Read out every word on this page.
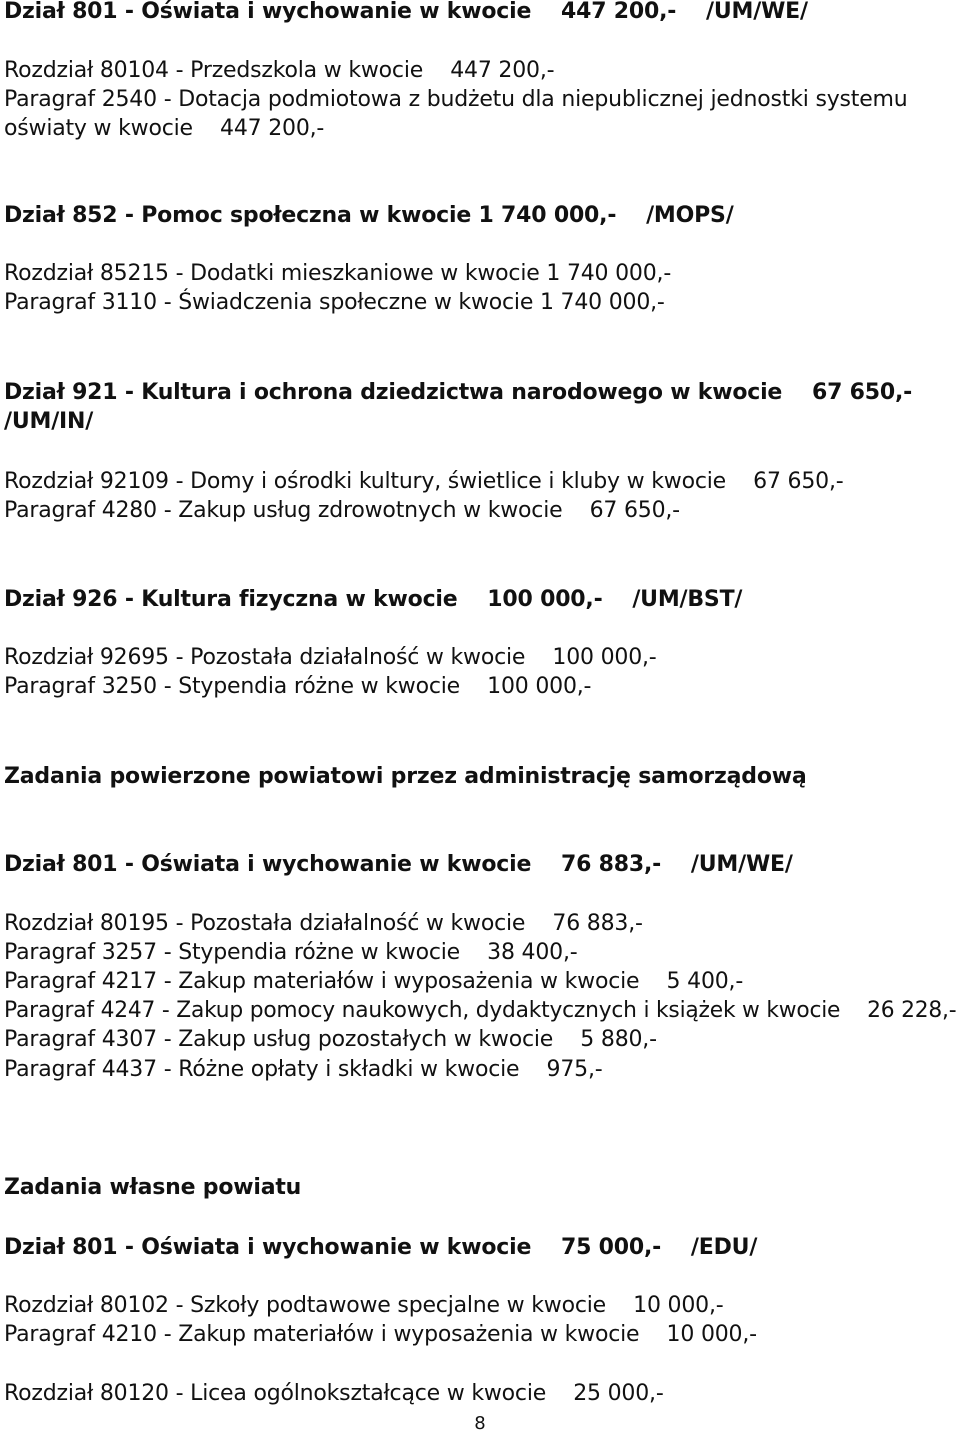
Dział 801 - Oświata i wychowanie w kwocie    447 200,-    /UM/WE/
Rozdział 80104 - Przedszkola w kwocie    447 200,-
Paragraf 2540 - Dotacja podmiotowa z budżetu dla niepublicznej jednostki systemu
oświaty w kwocie    447 200,-
Dział 852 - Pomoc społeczna w kwocie 1 740 000,-    /MOPS/
Rozdział 85215 - Dodatki mieszkaniowe w kwocie 1 740 000,-
Paragraf 3110 - Świadczenia społeczne w kwocie 1 740 000,-
Dział 921 - Kultura i ochrona dziedzictwa narodowego w kwocie    67 650,-
/UM/IN/
Rozdział 92109 - Domy i ośrodki kultury, świetlice i kluby w kwocie    67 650,-
Paragraf 4280 - Zakup usług zdrowotnych w kwocie    67 650,-
Dział 926 - Kultura fizyczna w kwocie    100 000,-    /UM/BST/
Rozdział 92695 - Pozostała działalność w kwocie    100 000,-
Paragraf 3250 - Stypendia różne w kwocie    100 000,-
Zadania powierzone powiatowi przez administrację samorządową
Dział 801 - Oświata i wychowanie w kwocie    76 883,-    /UM/WE/
Rozdział 80195 - Pozostała działalność w kwocie    76 883,-
Paragraf 3257 - Stypendia różne w kwocie    38 400,-
Paragraf 4217 - Zakup materiałów i wyposażenia w kwocie    5 400,-
Paragraf 4247 - Zakup pomocy naukowych, dydaktycznych i książek w kwocie    26 228,-
Paragraf 4307 - Zakup usług pozostałych w kwocie    5 880,-
Paragraf 4437 - Różne opłaty i składki w kwocie    975,-
Zadania własne powiatu
Dział 801 - Oświata i wychowanie w kwocie    75 000,-    /EDU/
Rozdział 80102 - Szkoły podtawowe specjalne w kwocie    10 000,-
Paragraf 4210 - Zakup materiałów i wyposażenia w kwocie    10 000,-
Rozdział 80120 - Licea ogólnokształcące w kwocie    25 000,-
8
